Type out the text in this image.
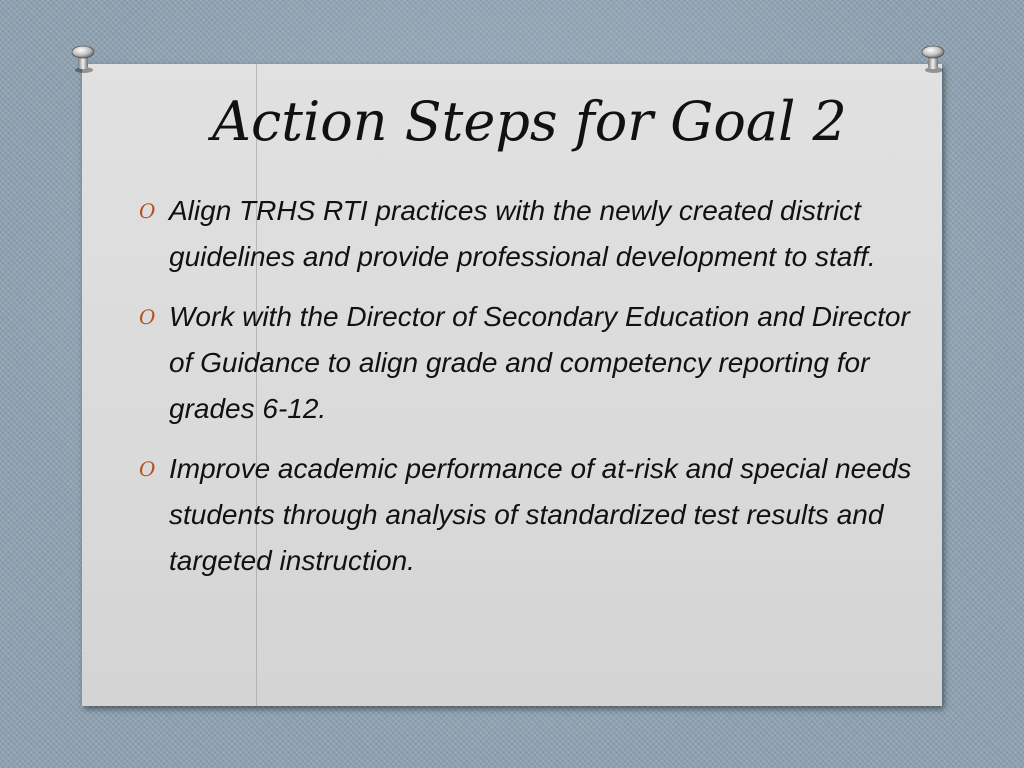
Action Steps for Goal 2
O Align TRHS RTI practices with the newly created district guidelines and provide professional development to staff.
O Work with the Director of Secondary Education and Director of Guidance to align grade and competency reporting for grades 6-12.
O Improve academic performance of at-risk and special needs students through analysis of standardized test results and targeted instruction.
